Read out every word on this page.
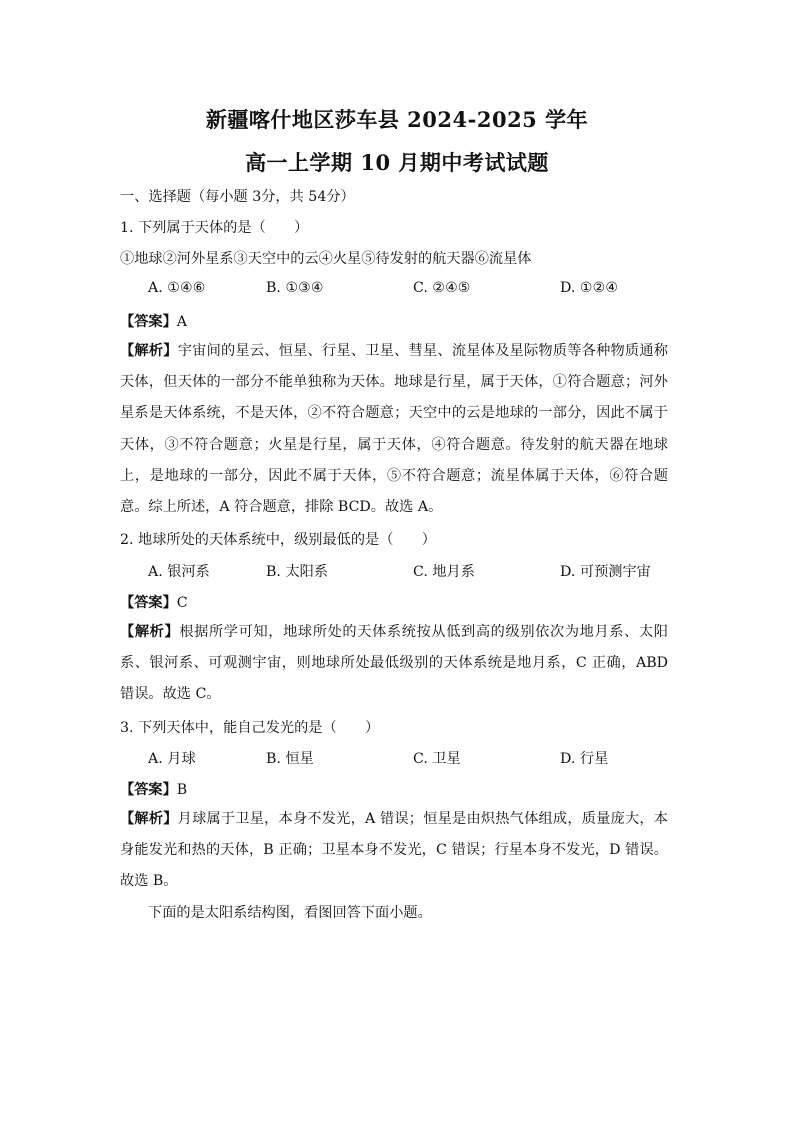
新疆喀什地区莎车县 2024-2025 学年
高一上学期 10 月期中考试试题
一、选择题（每小题 3分，共 54分）
1. 下列属于天体的是（　　）
①地球②河外星系③天空中的云④火星⑤待发射的航天器⑥流星体
A. ①④⑥	B. ①③④	C. ②④⑤	D. ①②④
【答案】A
【解析】宇宙间的星云、恒星、行星、卫星、彗星、流星体及星际物质等各种物质通称天体，但天体的一部分不能单独称为天体。地球是行星，属于天体，①符合题意；河外星系是天体系统，不是天体，②不符合题意；天空中的云是地球的一部分，因此不属于天体，③不符合题意；火星是行星，属于天体，④符合题意。待发射的航天器在地球上，是地球的一部分，因此不属于天体，⑤不符合题意；流星体属于天体，⑥符合题意。综上所述，A 符合题意，排除 BCD。故选 A。
2. 地球所处的天体系统中，级别最低的是（　　）
A. 银河系	B. 太阳系	C. 地月系	D. 可预测宇宙
【答案】C
【解析】根据所学可知，地球所处的天体系统按从低到高的级别依次为地月系、太阳系、银河系、可观测宇宙，则地球所处最低级别的天体系统是地月系，C 正确，ABD 错误。故选 C。
3. 下列天体中，能自己发光的是（　　）
A. 月球	B. 恒星	C. 卫星	D. 行星
【答案】B
【解析】月球属于卫星，本身不发光，A 错误；恒星是由炽热气体组成，质量庞大，本身能发光和热的天体，B 正确；卫星本身不发光，C 错误；行星本身不发光，D 错误。故选 B。
下面的是太阳系结构图，看图回答下面小题。
